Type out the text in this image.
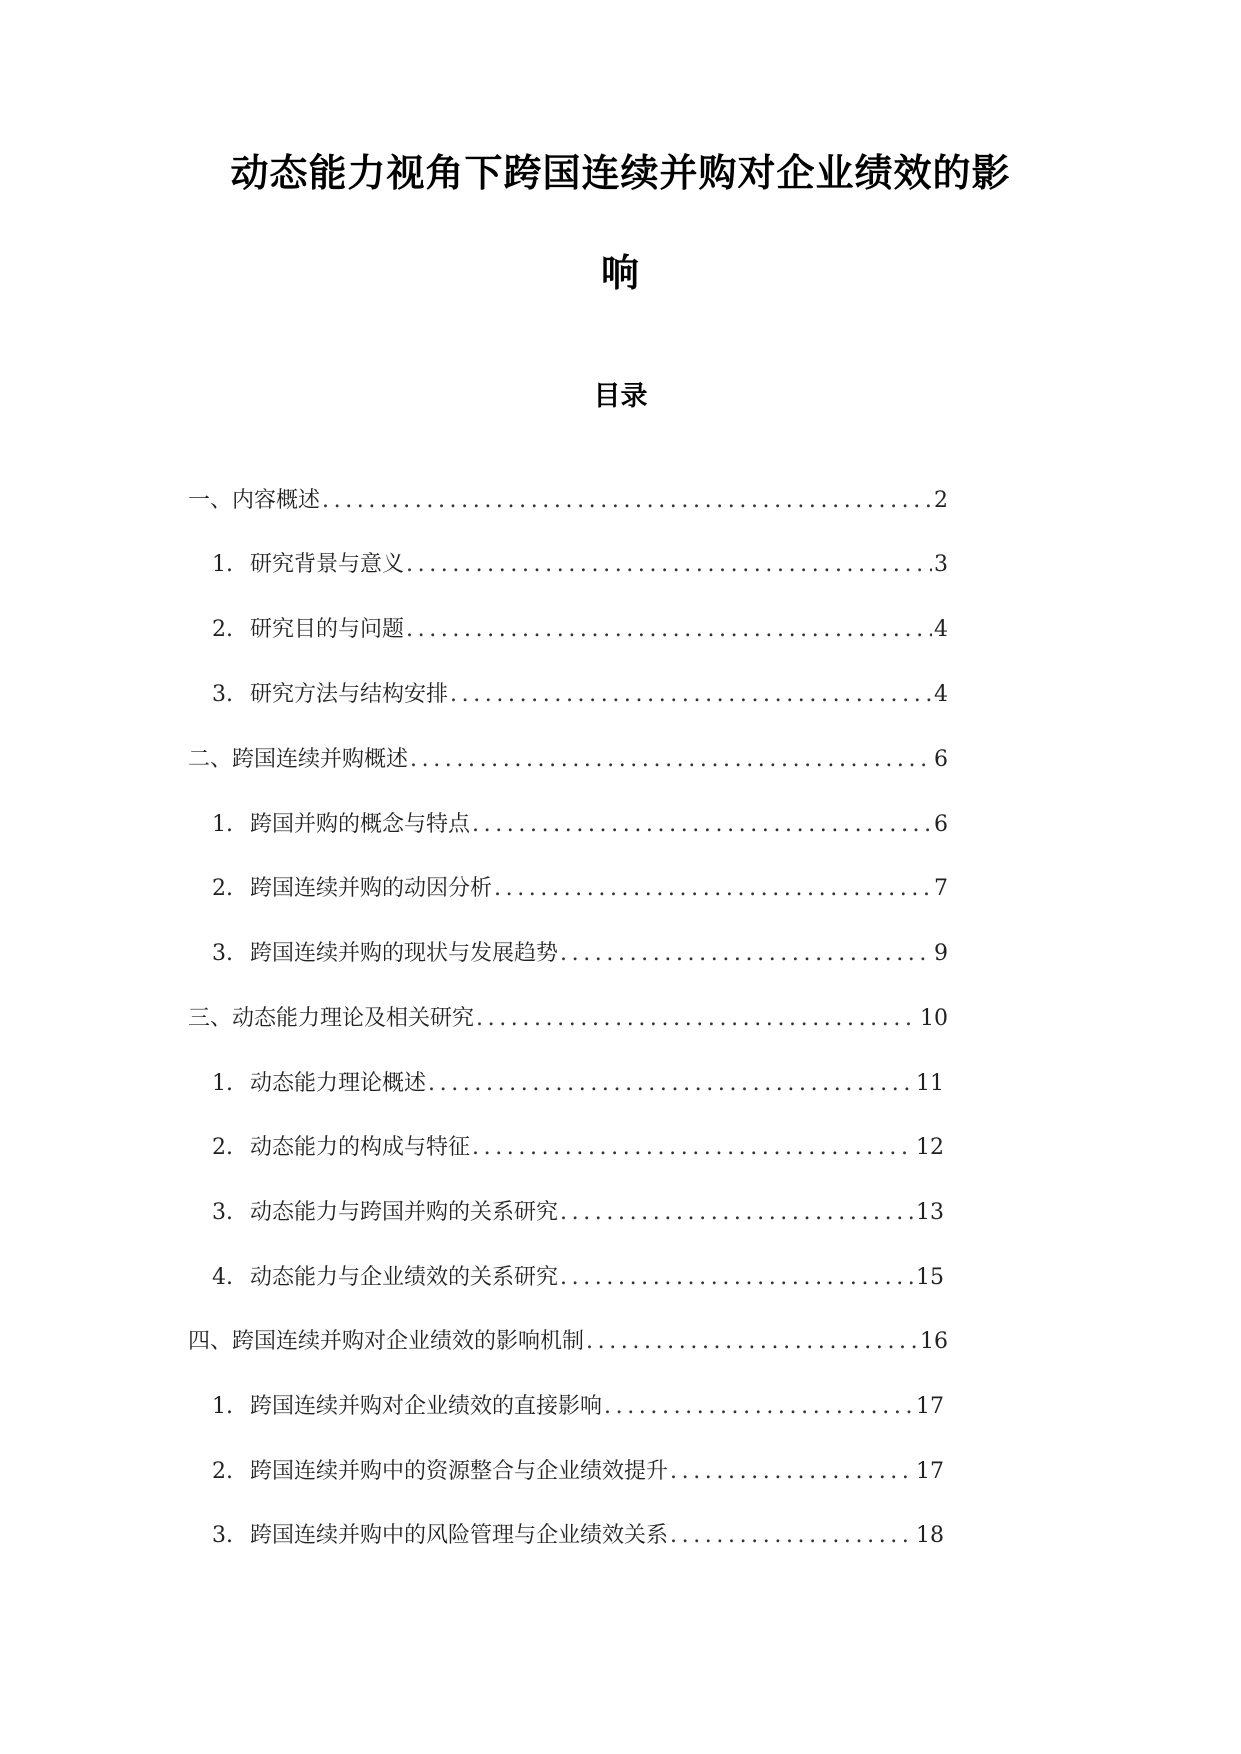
动态能力视角下跨国连续并购对企业绩效的影
响
目录
一、内容概述 .....	2
1. 研究背景与意义 .....	3
2. 研究目的与问题 .....	4
3. 研究方法与结构安排 .....	4
二、跨国连续并购概述 .....	6
1. 跨国并购的概念与特点 .....	6
2. 跨国连续并购的动因分析 .....	7
3. 跨国连续并购的现状与发展趋势 .....	9
三、动态能力理论及相关研究 .....	10
1. 动态能力理论概述 .....	11
2. 动态能力的构成与特征 .....	12
3. 动态能力与跨国并购的关系研究 .....	13
4. 动态能力与企业绩效的关系研究 .....	15
四、跨国连续并购对企业绩效的影响机制 .....	16
1. 跨国连续并购对企业绩效的直接影响 .....	17
2. 跨国连续并购中的资源整合与企业绩效提升 .....	17
3. 跨国连续并购中的风险管理与企业绩效关系 .....	18
